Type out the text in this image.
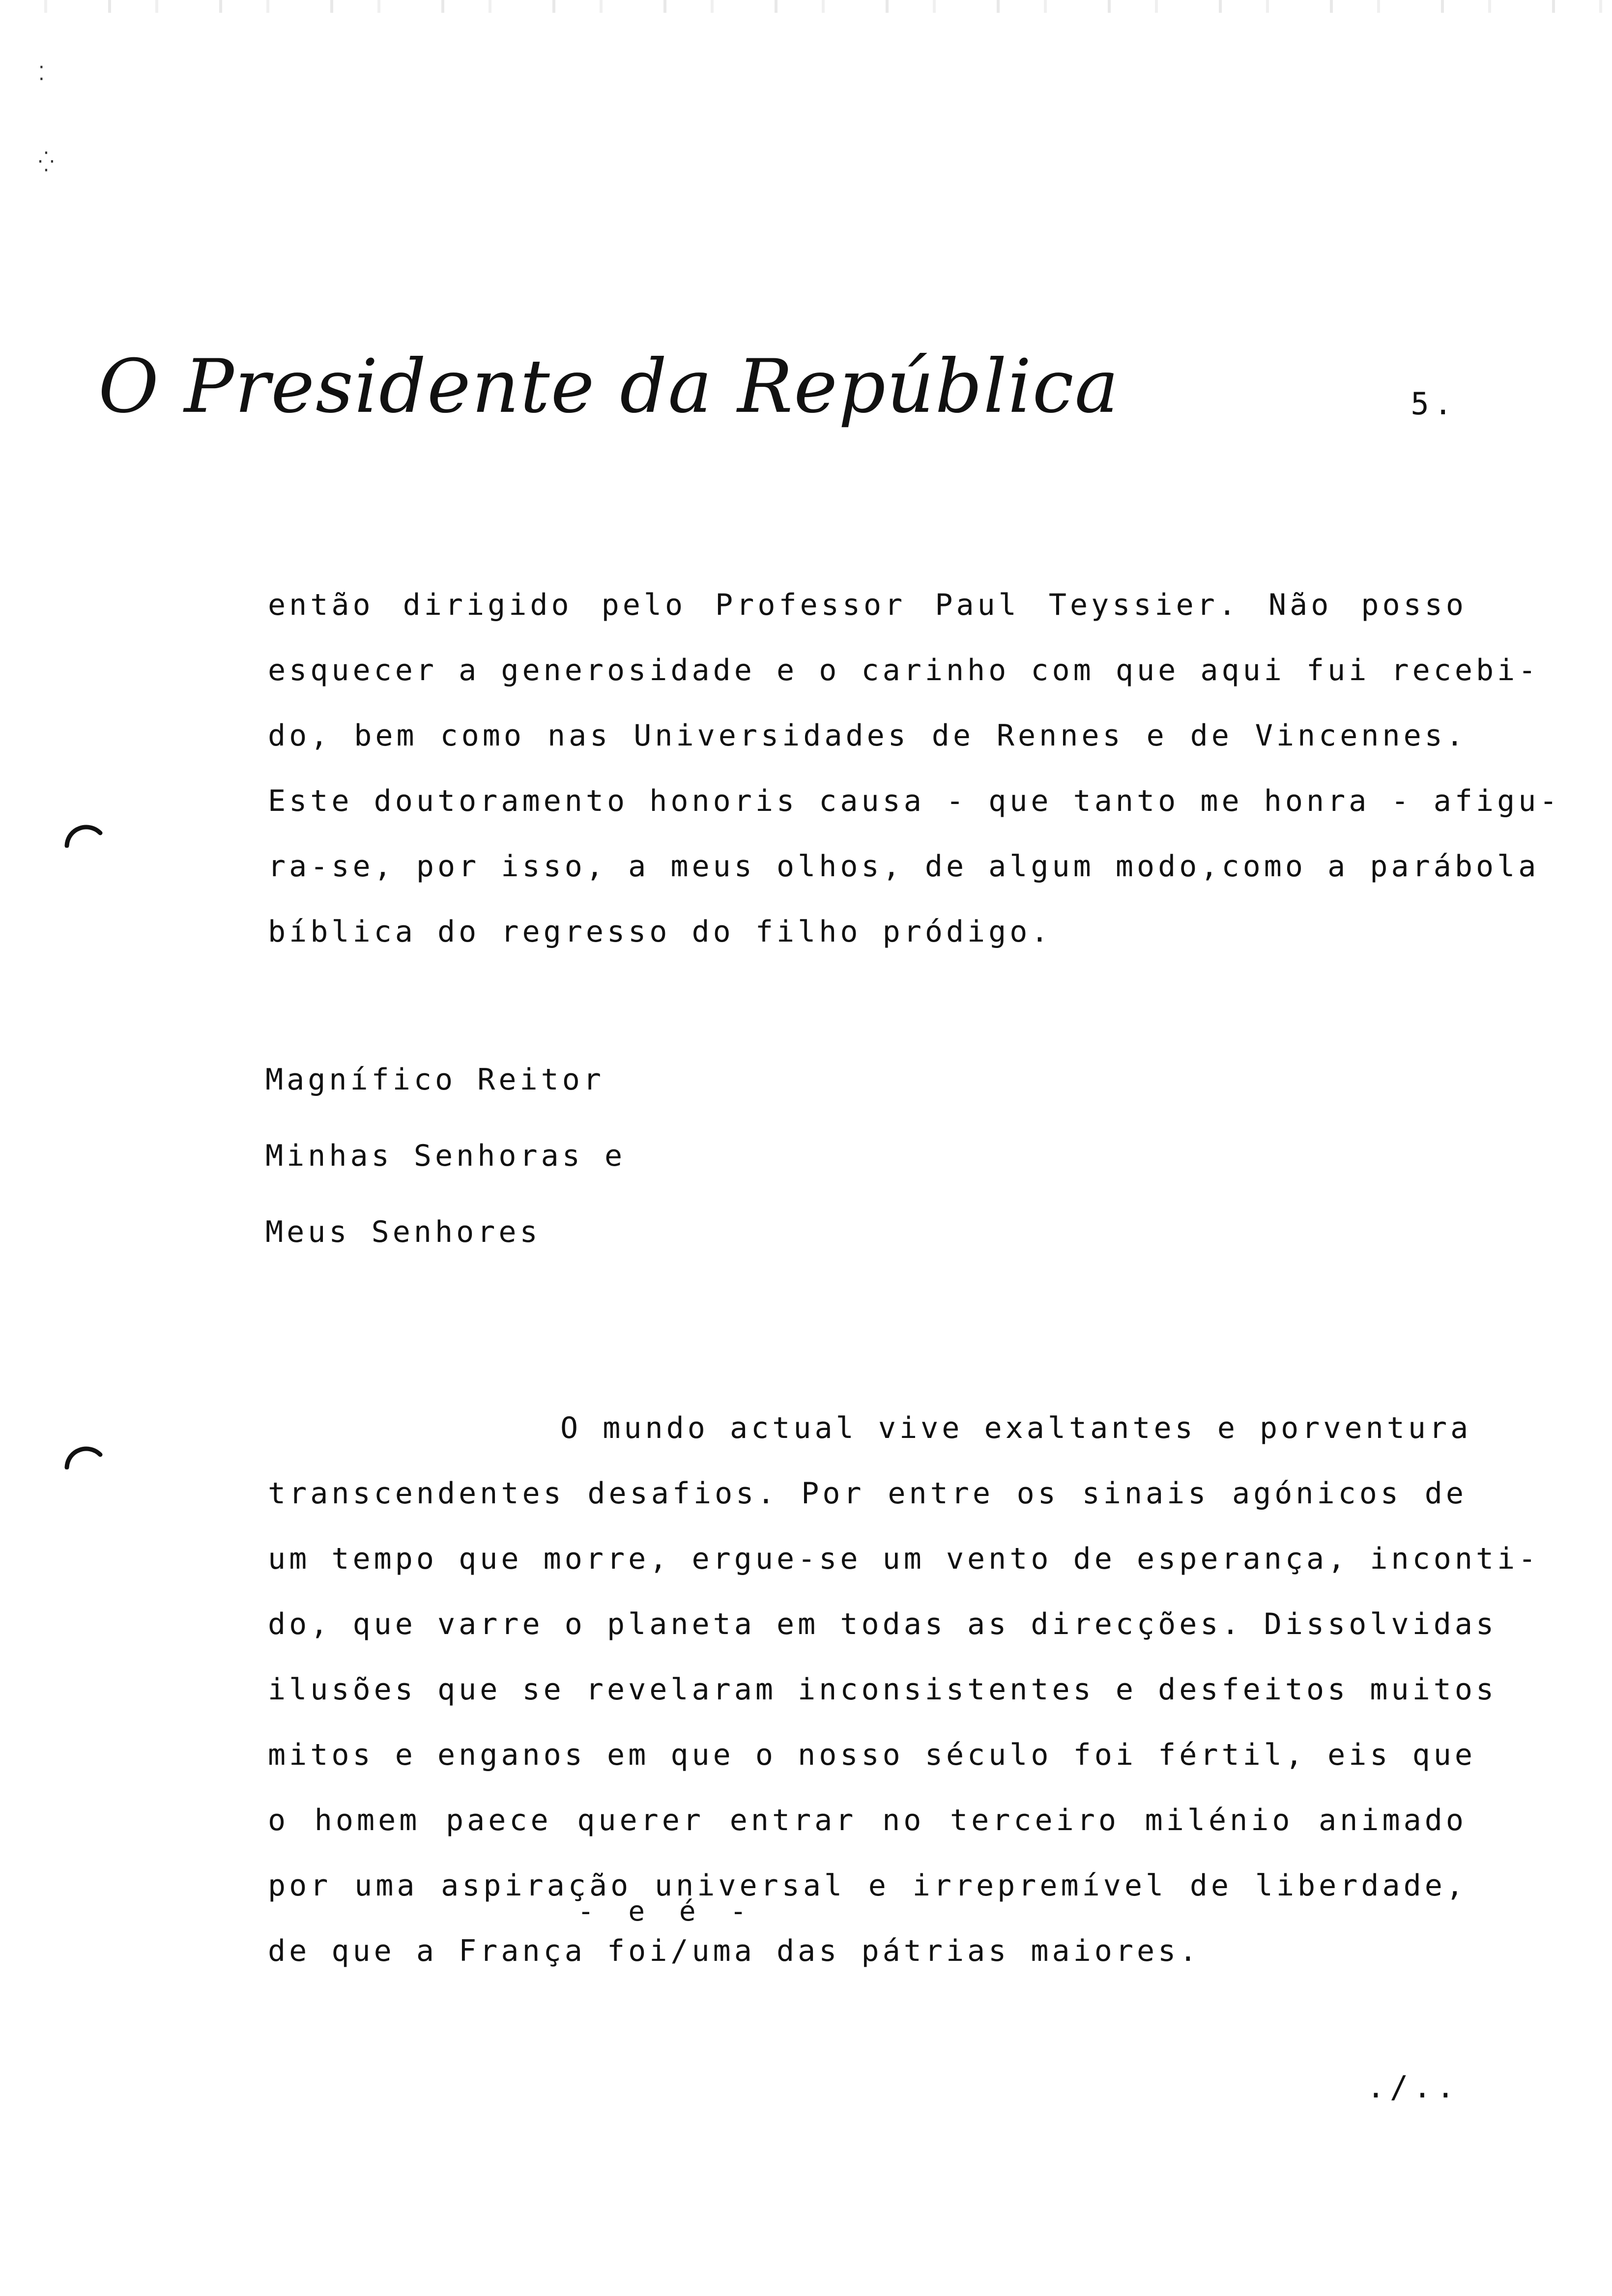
⁚
⁛
O Presidente da República	5.
então dirigido pelo Professor Paul Teyssier. Não posso
esquecer a generosidade e o carinho com que aqui fui recebi-
do, bem como nas Universidades de Rennes e de Vincennes.
Este doutoramento honoris causa - que tanto me honra - afigu-
ra-se, por isso, a meus olhos, de algum modo,como a parábola
bíblica do regresso do filho pródigo.
Magnífico Reitor
Minhas Senhoras e
Meus Senhores
O mundo actual vive exaltantes e porventura
transcendentes desafios. Por entre os sinais agónicos de
um tempo que morre, ergue-se um vento de esperança, inconti-
do, que varre o planeta em todas as direcções. Dissolvidas
ilusões que se revelaram inconsistentes e desfeitos muitos
mitos e enganos em que o nosso século foi fértil, eis que
o homem paece querer entrar no terceiro milénio animado
por uma aspiração universal e irrepremível de liberdade,
de que a França foi/uma das pátrias maiores.
- e é -
./..
